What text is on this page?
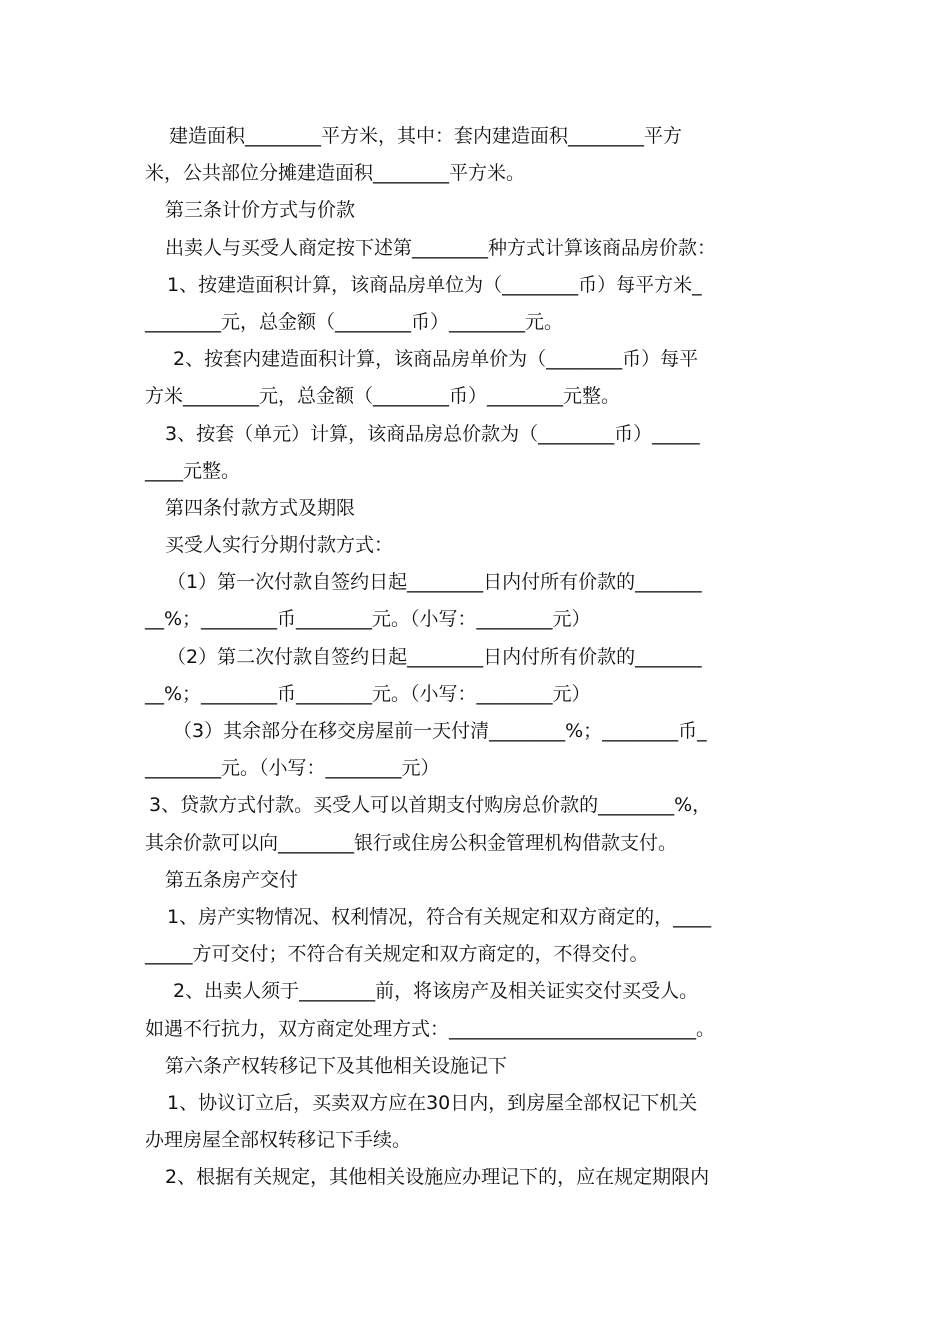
建造面积________平方米，其中：套内建造面积________平方
米，公共部位分摊建造面积________平方米。
第三条计价方式与价款
出卖人与买受人商定按下述第________种方式计算该商品房价款：
1、按建造面积计算，该商品房单位为（________币）每平方米_
________元，总金额（________币）________元。
2、按套内建造面积计算，该商品房单价为（________币）每平
方米________元，总金额（________币）________元整。
3、按套（单元）计算，该商品房总价款为（________币）_____
____元整。
第四条付款方式及期限
买受人实行分期付款方式：
（1）第一次付款自签约日起________日内付所有价款的_______
__%；________币________元。（小写：________元）
（2）第二次付款自签约日起________日内付所有价款的_______
__%；________币________元。（小写：________元）
（3）其余部分在移交房屋前一天付清________%；________币_
________元。（小写：________元）
3、贷款方式付款。买受人可以首期支付购房总价款的________%，
其余价款可以向________银行或住房公积金管理机构借款支付。
第五条房产交付
1、房产实物情况、权利情况，符合有关规定和双方商定的，____
_____方可交付；不符合有关规定和双方商定的，不得交付。
2、出卖人须于________前，将该房产及相关证实交付买受人。
如遇不行抗力，双方商定处理方式：__________________________。
第六条产权转移记下及其他相关设施记下
1、协议订立后，买卖双方应在30日内，到房屋全部权记下机关
办理房屋全部权转移记下手续。
2、根据有关规定，其他相关设施应办理记下的，应在规定期限内
